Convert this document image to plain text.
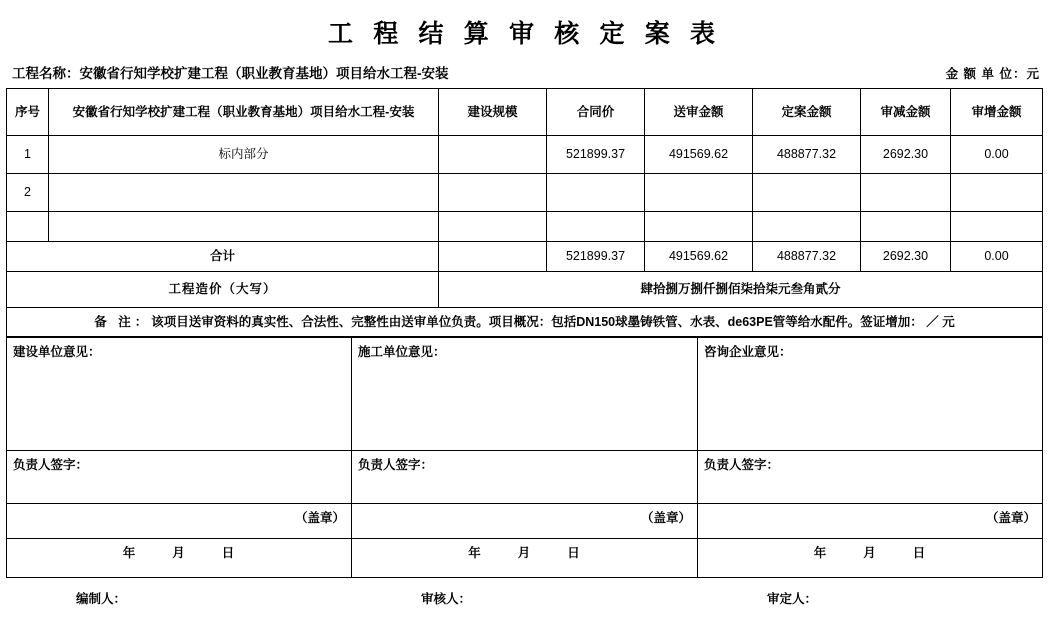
工 程 结 算 审 核 定 案 表
工程名称：安徽省行知学校扩建工程（职业教育基地）项目给水工程-安装	金 额 单 位：元
序号	安徽省行知学校扩建工程（职业教育基地）项目给水工程-安装	建设规模	合同价	送审金额	定案金额	审减金额	审增金额
1	标内部分		521899.37	491569.62	488877.32	2692.30	0.00
2							

合计			521899.37	491569.62	488877.32	2692.30	0.00
工程造价（大写）		肆拾捌万捌仟捌佰柒拾柒元叁角贰分					
备 注：该项目送审资料的真实性、合法性、完整性由送审单位负责。项目概况：包括DN150球墨铸铁管、水表、de63PE管等给水配件。签证增加： ／ 元							
建设单位意见：	施工单位意见：	咨询企业意见：
负责人签字：	负责人签字：	负责人签字：
（盖章）	（盖章）	（盖章）
年 月 日	年 月 日	年 月 日
编制人：	审核人：	审定人：
